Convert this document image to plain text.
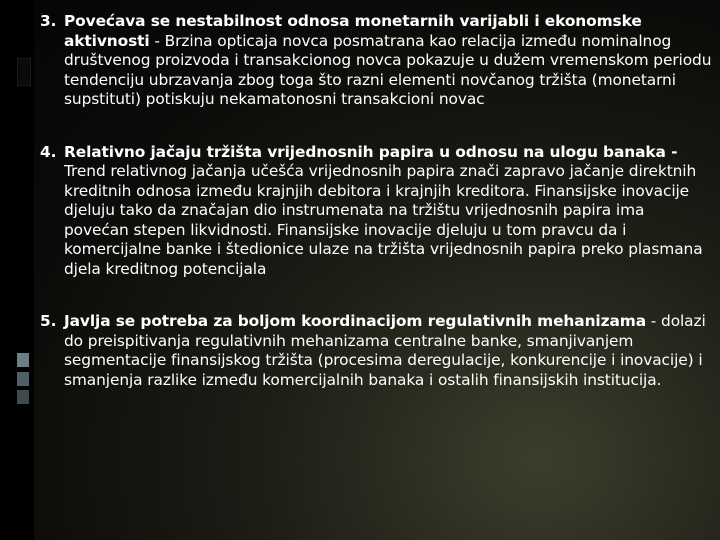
3. Povećava se nestabilnost odnosa monetarnih varijabli i ekonomske aktivnosti - Brzina opticaja novca posmatrana kao relacija između nominalnog društvenog proizvoda i transakcionog novca pokazuje u dužem vremenskom periodu tendenciju ubrzavanja zbog toga što razni elementi novčanog tržišta (monetarni supstituti) potiskuju nekamatonosni transakcioni novac
4. Relativno jačaju tržišta vrijednosnih papira u odnosu na ulogu banaka - Trend relativnog jačanja učešća vrijednosnih papira znači zapravo jačanje direktnih kreditnih odnosa između krajnjih debitora i krajnjih kreditora. Finansijske inovacije djeluju tako da značajan dio instrumenata na tržištu vrijednosnih papira ima povećan stepen likvidnosti. Finansijske inovacije djeluju u tom pravcu da i komercijalne banke i štedionice ulaze na tržišta vrijednosnih papira preko plasmana djela kreditnog potencijala
5. Javlja se potreba za boljom koordinacijom regulativnih mehanizama - dolazi do preispitivanja regulativnih mehanizama centralne banke, smanjivanjem segmentacije finansijskog tržišta (procesima deregulacije, konkurencije i inovacije) i smanjenja razlike između komercijalnih banaka i ostalih finansijskih institucija.
